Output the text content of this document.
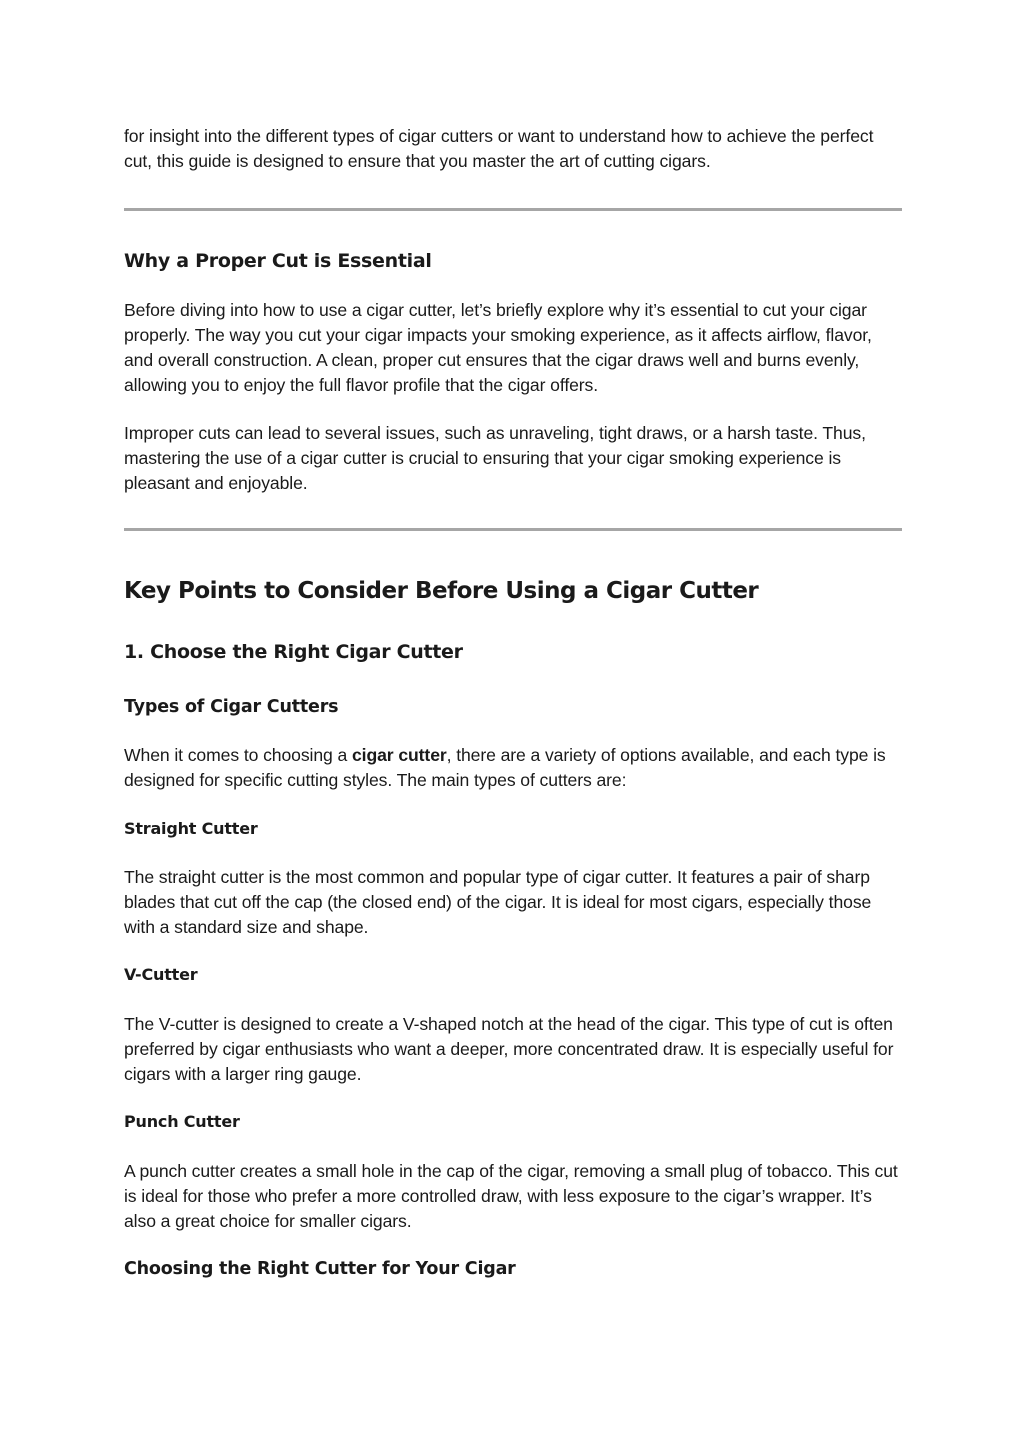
for insight into the different types of cigar cutters or want to understand how to achieve the perfect cut, this guide is designed to ensure that you master the art of cutting cigars.

Why a Proper Cut is Essential

Before diving into how to use a cigar cutter, let’s briefly explore why it’s essential to cut your cigar properly. The way you cut your cigar impacts your smoking experience, as it affects airflow, flavor, and overall construction. A clean, proper cut ensures that the cigar draws well and burns evenly, allowing you to enjoy the full flavor profile that the cigar offers.

Improper cuts can lead to several issues, such as unraveling, tight draws, or a harsh taste. Thus, mastering the use of a cigar cutter is crucial to ensuring that your cigar smoking experience is pleasant and enjoyable.

Key Points to Consider Before Using a Cigar Cutter
1. Choose the Right Cigar Cutter
Types of Cigar Cutters

When it comes to choosing a cigar cutter, there are a variety of options available, and each type is designed for specific cutting styles. The main types of cutters are:

Straight Cutter

The straight cutter is the most common and popular type of cigar cutter. It features a pair of sharp blades that cut off the cap (the closed end) of the cigar. It is ideal for most cigars, especially those with a standard size and shape.

V-Cutter

The V-cutter is designed to create a V-shaped notch at the head of the cigar. This type of cut is often preferred by cigar enthusiasts who want a deeper, more concentrated draw. It is especially useful for cigars with a larger ring gauge.

Punch Cutter

A punch cutter creates a small hole in the cap of the cigar, removing a small plug of tobacco. This cut is ideal for those who prefer a more controlled draw, with less exposure to the cigar’s wrapper. It’s also a great choice for smaller cigars.

Choosing the Right Cutter for Your Cigar
